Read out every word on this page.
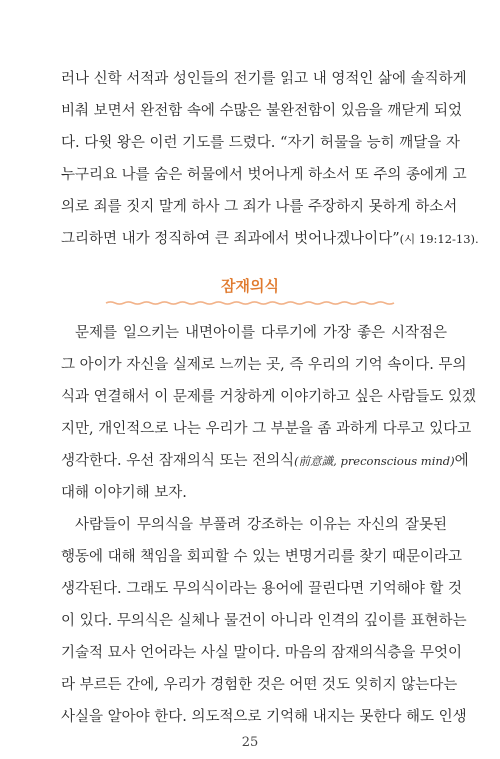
러나 신학 서적과 성인들의 전기를 읽고 내 영적인 삶에 솔직하게
비춰 보면서 완전함 속에 수많은 불완전함이 있음을 깨닫게 되었
다. 다윗 왕은 이런 기도를 드렸다. “자기 허물을 능히 깨달을 자
누구리요 나를 숨은 허물에서 벗어나게 하소서 또 주의 종에게 고
의로 죄를 짓지 말게 하사 그 죄가 나를 주장하지 못하게 하소서
그리하면 내가 정직하여 큰 죄과에서 벗어나겠나이다”(시 19:12-13).
잠재의식
문제를 일으키는 내면아이를 다루기에 가장 좋은 시작점은
그 아이가 자신을 실제로 느끼는 곳, 즉 우리의 기억 속이다. 무의
식과 연결해서 이 문제를 거창하게 이야기하고 싶은 사람들도 있겠
지만, 개인적으로 나는 우리가 그 부분을 좀 과하게 다루고 있다고
생각한다. 우선 잠재의식 또는 전의식(前意識, preconscious mind)에
대해 이야기해 보자.
사람들이 무의식을 부풀려 강조하는 이유는 자신의 잘못된
행동에 대해 책임을 회피할 수 있는 변명거리를 찾기 때문이라고
생각된다. 그래도 무의식이라는 용어에 끌린다면 기억해야 할 것
이 있다. 무의식은 실체나 물건이 아니라 인격의 깊이를 표현하는
기술적 묘사 언어라는 사실 말이다. 마음의 잠재의식층을 무엇이
라 부르든 간에, 우리가 경험한 것은 어떤 것도 잊히지 않는다는
사실을 알아야 한다. 의도적으로 기억해 내지는 못한다 해도 인생
25
